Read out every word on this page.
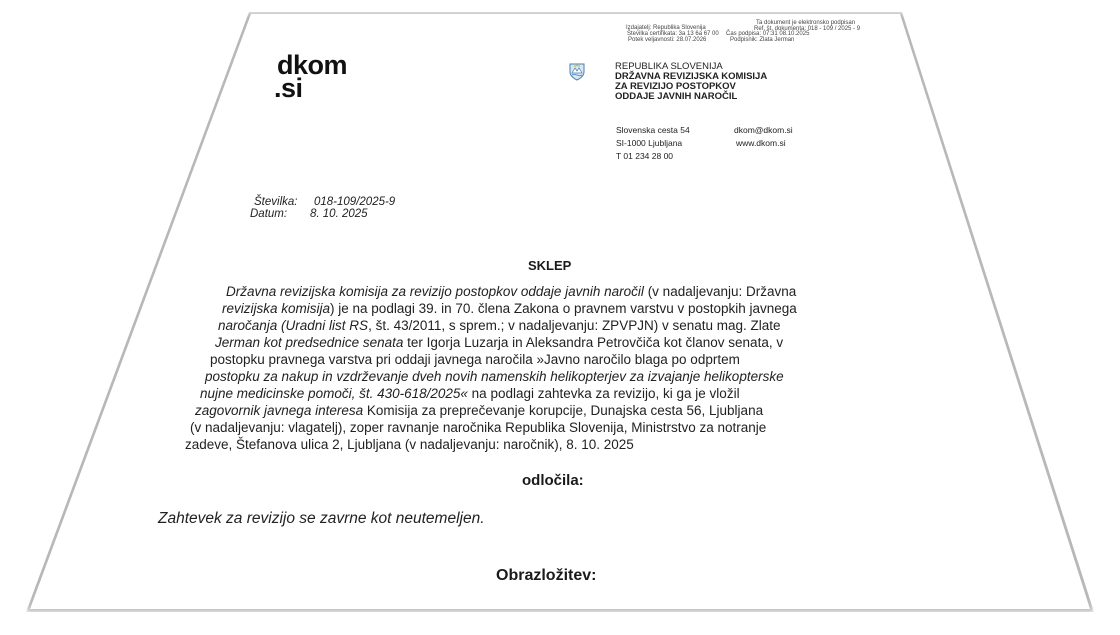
Izdajatelj: Republika Slovenija
Ta dokument je elektronsko podpisan
Ref. št. dokumenta: 018 - 109 / 2025 - 9
Številka certifikata: 3a 13 6a 67 00 Čas podpisa: 07:31 08.10.2025
Potek veljavnosti: 28.07.2026	Podpisnik: Zlata Jerman
dkom
.si
REPUBLIKA SLOVENIJA
DRŽAVNA REVIZIJSKA KOMISIJA
ZA REVIZIJO POSTOPKOV
ODDAJE JAVNIH NAROČIL
Slovenska cesta 54
SI-1000 Ljubljana
T 01 234 28 00
dkom@dkom.si
www.dkom.si
Številka: 018-109/2025-9
Datum: 8. 10. 2025
SKLEP
Državna revizijska komisija za revizijo postopkov oddaje javnih naročil (v nadaljevanju: Državna
revizijska komisija) je na podlagi 39. in 70. člena Zakona o pravnem varstvu v postopkih javnega
naročanja (Uradni list RS, št. 43/2011, s sprem.; v nadaljevanju: ZPVPJN) v senatu mag. Zlate
Jerman kot predsednice senata ter Igorja Luzarja in Aleksandra Petrovčiča kot članov senata, v
postopku pravnega varstva pri oddaji javnega naročila »Javno naročilo blaga po odprtem
postopku za nakup in vzdrževanje dveh novih namenskih helikopterjev za izvajanje helikopterske
nujne medicinske pomoči, št. 430-618/2025« na podlagi zahtevka za revizijo, ki ga je vložil
zagovornik javnega interesa Komisija za preprečevanje korupcije, Dunajska cesta 56, Ljubljana
(v nadaljevanju: vlagatelj), zoper ravnanje naročnika Republika Slovenija, Ministrstvo za notranje
zadeve, Štefanova ulica 2, Ljubljana (v nadaljevanju: naročnik), 8. 10. 2025
odločila:
Zahtevek za revizijo se zavrne kot neutemeljen.
Obrazložitev:
